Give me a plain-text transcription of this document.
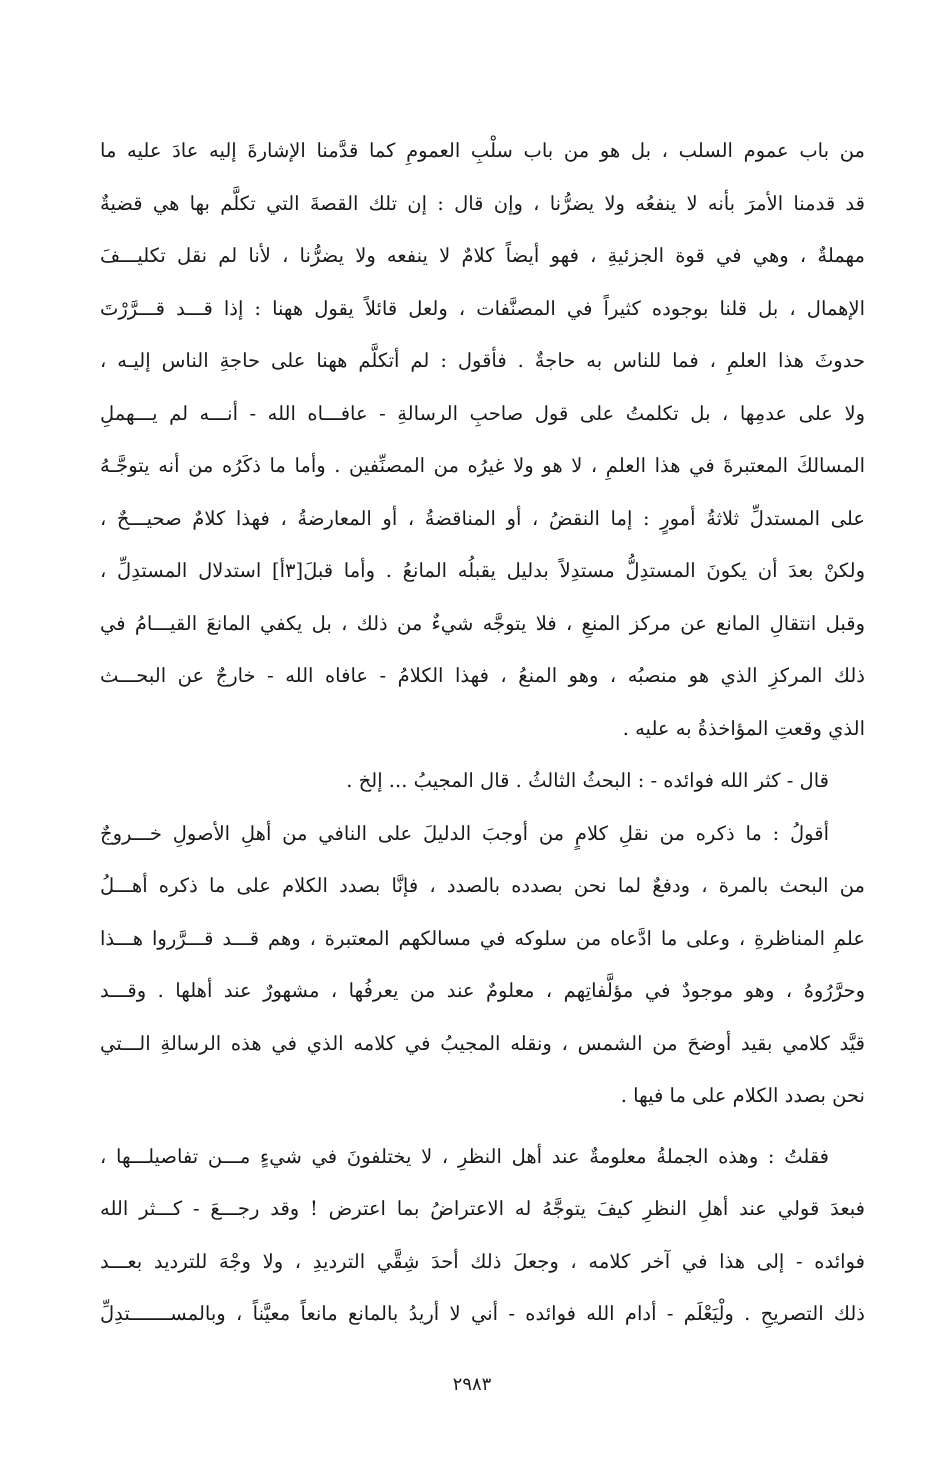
من باب عموم السلب ، بل هو من باب سلْبِ العمومِ كما قدَّمنا الإشارةَ إليه عادَ عليه ما
قد قدمنا الأمرَ بأنه لا ينفعُه ولا يضرُّنا ، وإن قال : إن تلك القصةَ التي تكلَّم بها هي قضيةٌ
مهملةٌ ، وهي في قوة الجزئيةِ ، فهو أيضاً كلامٌ لا ينفعه ولا يضرُّنا ، لأنا لم نقل تكليـــفَ
الإهمال ، بل قلنا بوجوده كثيراً في المصنَّفات ، ولعل قائلاً يقول ههنا : إذا قـــد قـــرَّرْتَ
حدوثَ هذا العلمِ ، فما للناس به حاجةٌ . فأقول : لم أتكلَّم ههنا على حاجةِ الناس إليـه ،
ولا على عدمِها ، بل تكلمتُ على قول صاحبِ الرسالةِ - عافـــاه الله - أنـــه لم يـــهملِ
المسالكَ المعتبرةَ في هذا العلمِ ، لا هو ولا غيرُه من المصنِّفين . وأما ما ذكَرُه من أنه يتوجَّـهُ
على المستدلِّ ثلاثةُ أمورٍ : إما النقضُ ، أو المناقضةُ ، أو المعارضةُ ، فهذا كلامٌ صحيـــحٌ ،
ولكنْ بعدَ أن يكونَ المستدِلُّ مستدِلاً بدليل يقبلُه المانعُ . وأما قبلَ[٣أ] استدلال المستدِلِّ ،
وقبل انتقالِ المانع عن مركز المنعِ ، فلا يتوجَّه شيءٌ من ذلك ، بل يكفي المانعَ القيـــامُ في
ذلك المركزِ الذي هو منصبُه ، وهو المنعُ ، فهذا الكلامُ - عافاه الله - خارجٌ عن البحـــث
الذي وقعتِ المؤاخذةُ به عليه .
قال - كثر الله فوائده - : البحثُ الثالثُ . قال المجيبُ ... إلخ .
أقولُ : ما ذكره من نقلِ كلامٍ من أوجبَ الدليلَ على النافي من أهلِ الأصولِ خـــروجٌ
من البحث بالمرة ، ودفعٌ لما نحن بصدده بالصدد ، فإنَّا بصدد الكلام على ما ذكره أهـــلُ
علمِ المناظرةِ ، وعلى ما ادَّعاه من سلوكه في مسالكهم المعتبرة ، وهم قـــد قـــرَّروا هـــذا
وحرَّرُوهُ ، وهو موجودٌ في مؤلَّفاتِهم ، معلومٌ عند من يعرفُها ، مشهورٌ عند أهلها . وقـــد
قيَّد كلامي بقيد أوضحَ من الشمس ، ونقله المجيبُ في كلامه الذي في هذه الرسالةِ الـــتي
نحن بصدد الكلام على ما فيها .
فقلتُ : وهذه الجملةُ معلومةٌ عند أهل النظرِ ، لا يختلفونَ في شيءٍ مـــن تفاصيلـــها ،
فبعدَ قولي عند أهلِ النظرِ كيفَ يتوجَّهُ له الاعتراضُ بما اعترض ! وقد رجـــعَ - كـــثر الله
فوائده - إلى هذا في آخر كلامه ، وجعلَ ذلك أحدَ شِقَّي الترديدِ ، ولا وجْهَ للترديد بعـــد
ذلك التصريحِ . ولْيَعْلَم - أدام الله فوائده - أني لا أريدُ بالمانع مانعاً معيَّناً ، وبالمســـــــتدِلِّ
٢٩٨٣
